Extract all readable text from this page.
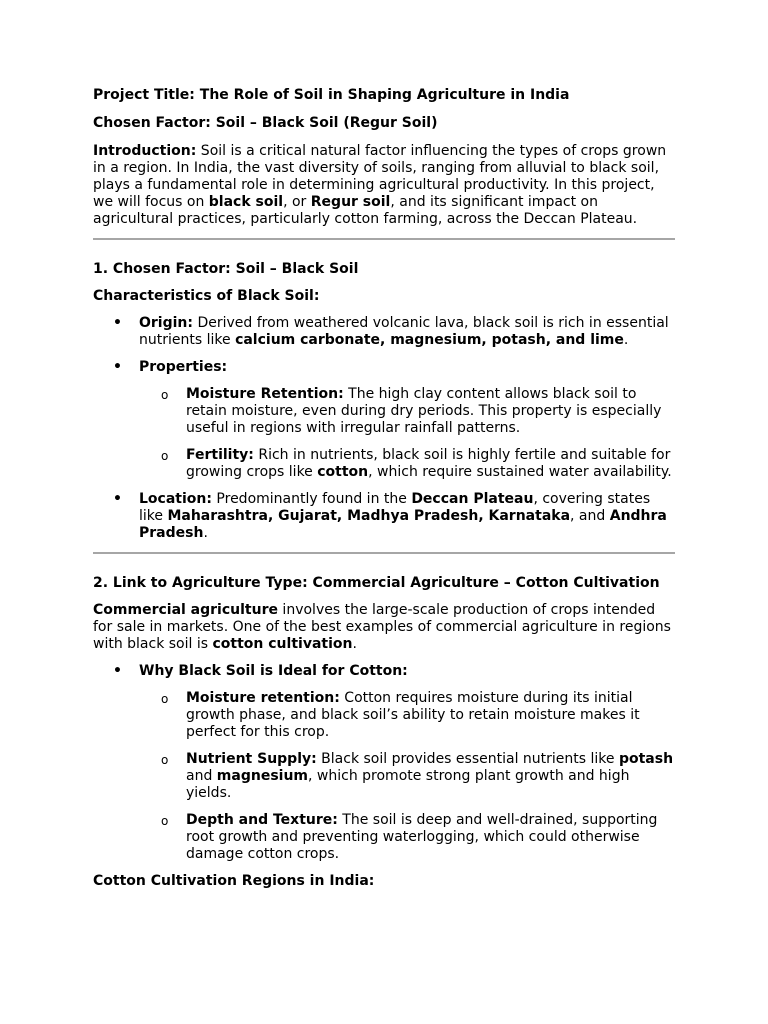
Project Title: The Role of Soil in Shaping Agriculture in India
Chosen Factor: Soil – Black Soil (Regur Soil)

Introduction: Soil is a critical natural factor influencing the types of crops grown in a region. In India, the vast diversity of soils, ranging from alluvial to black soil, plays a fundamental role in determining agricultural productivity. In this project, we will focus on black soil, or Regur soil, and its significant impact on agricultural practices, particularly cotton farming, across the Deccan Plateau.

1. Chosen Factor: Soil – Black Soil

Characteristics of Black Soil:

• Origin: Derived from weathered volcanic lava, black soil is rich in essential nutrients like calcium carbonate, magnesium, potash, and lime.
• Properties:
o Moisture Retention: The high clay content allows black soil to retain moisture, even during dry periods. This property is especially useful in regions with irregular rainfall patterns.
o Fertility: Rich in nutrients, black soil is highly fertile and suitable for growing crops like cotton, which require sustained water availability.
• Location: Predominantly found in the Deccan Plateau, covering states like Maharashtra, Gujarat, Madhya Pradesh, Karnataka, and Andhra Pradesh.
2. Link to Agriculture Type: Commercial Agriculture – Cotton Cultivation

Commercial agriculture involves the large-scale production of crops intended for sale in markets. One of the best examples of commercial agriculture in regions with black soil is cotton cultivation.

• Why Black Soil is Ideal for Cotton:
o Moisture retention: Cotton requires moisture during its initial growth phase, and black soil’s ability to retain moisture makes it perfect for this crop.
o Nutrient Supply: Black soil provides essential nutrients like potash and magnesium, which promote strong plant growth and high yields.
o Depth and Texture: The soil is deep and well-drained, supporting root growth and preventing waterlogging, which could otherwise damage cotton crops.

Cotton Cultivation Regions in India:
